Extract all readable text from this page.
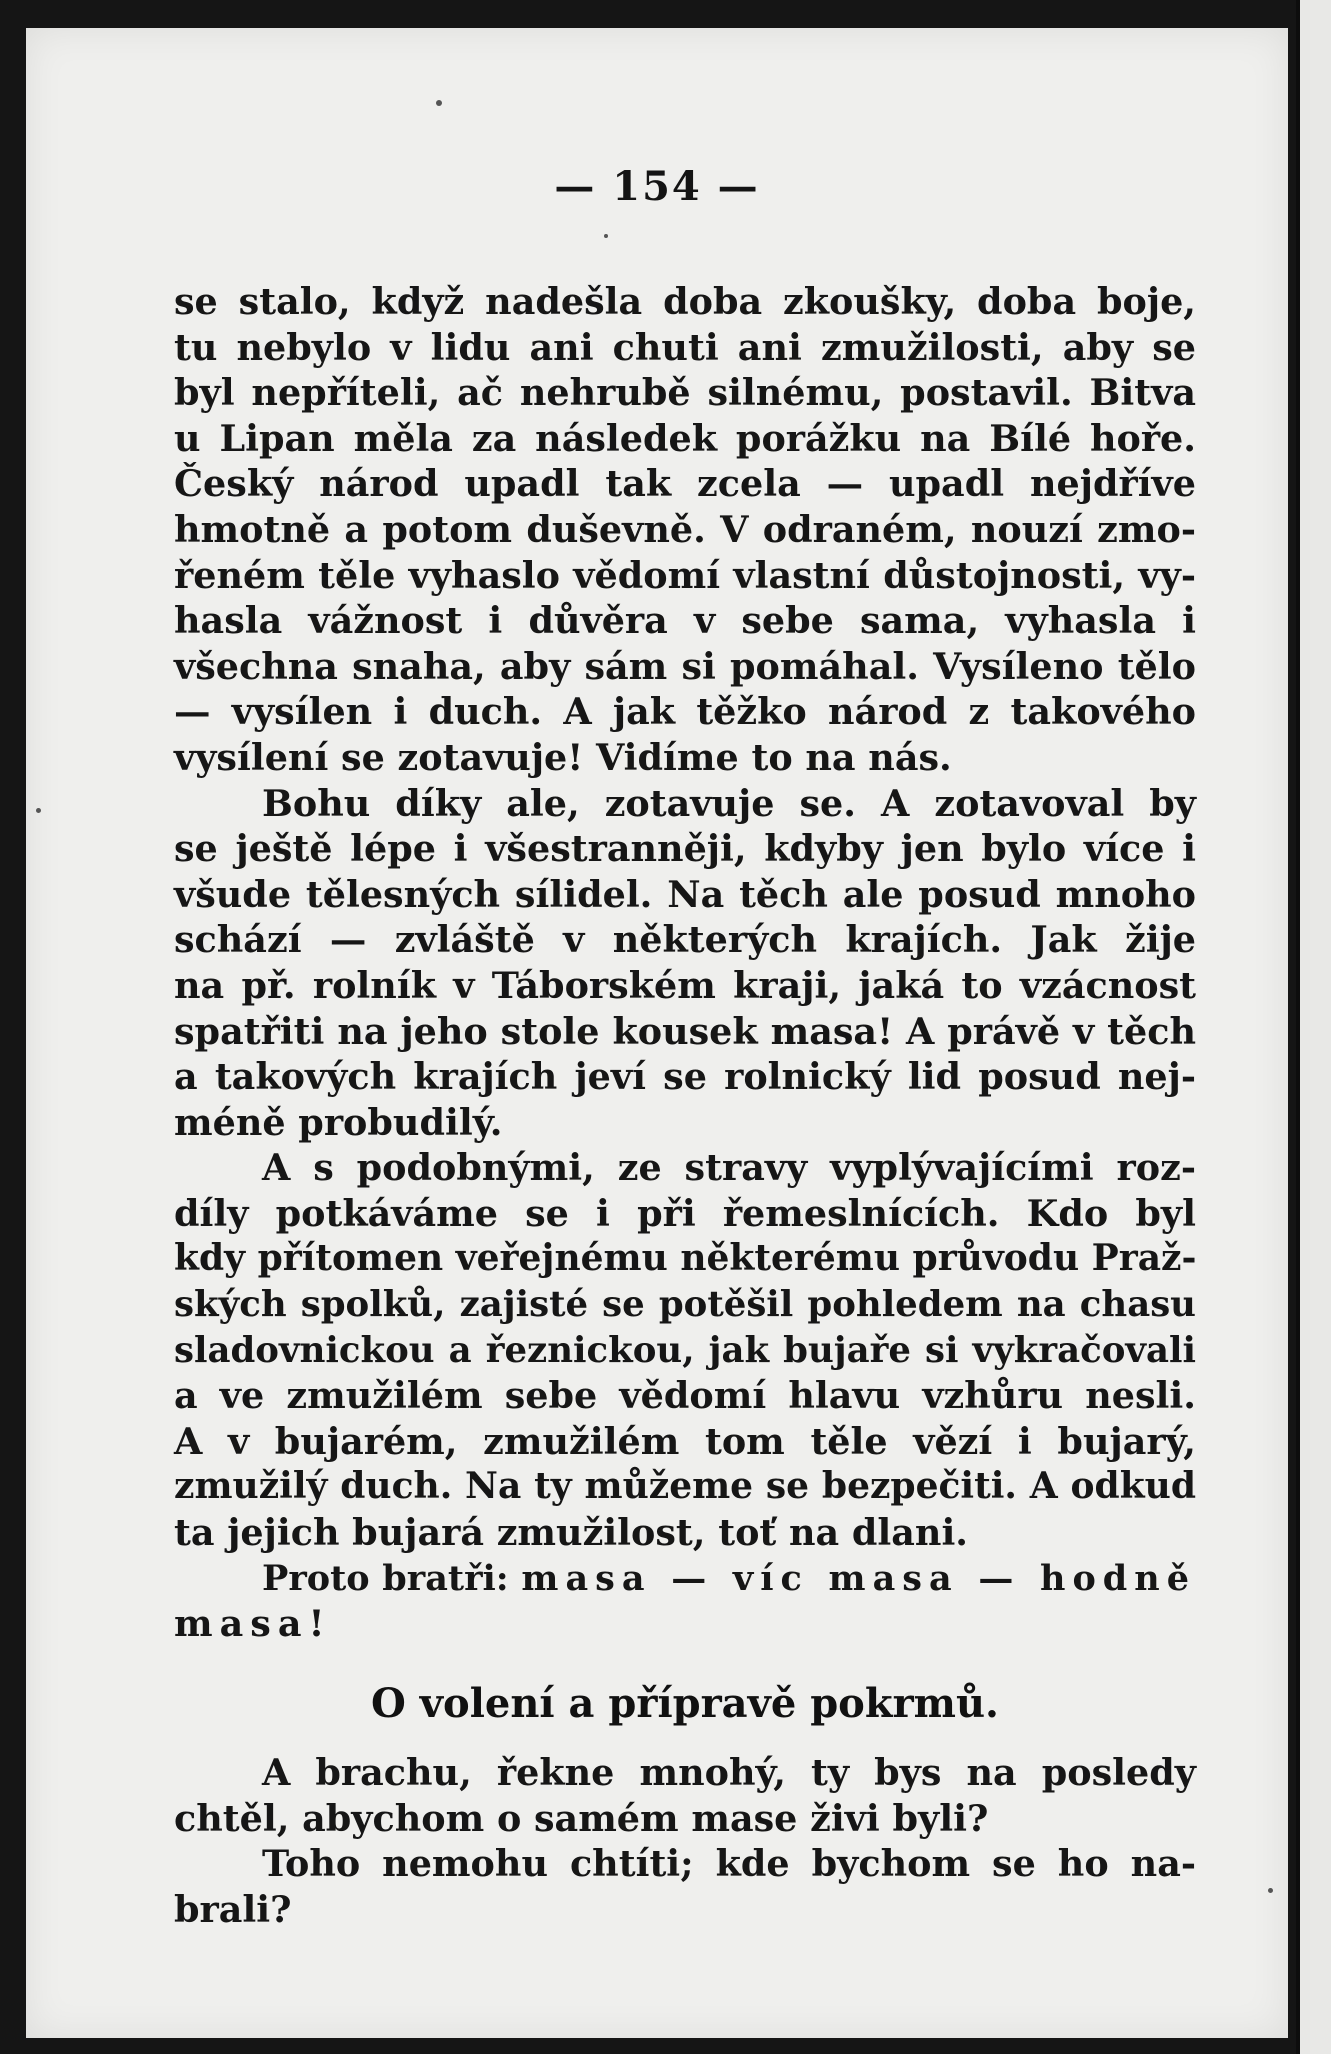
— 154 —
se stalo, když nadešla doba zkoušky, doba boje,
tu nebylo v lidu ani chuti ani zmužilosti, aby se
byl nepříteli, ač nehrubě silnému, postavil. Bitva
u Lipan měla za následek porážku na Bílé hoře.
Český národ upadl tak zcela — upadl nejdříve
hmotně a potom duševně. V odraném, nouzí zmo-
řeném těle vyhaslo vědomí vlastní důstojnosti, vy-
hasla vážnost i důvěra v sebe sama, vyhasla i
všechna snaha, aby sám si pomáhal. Vysíleno tělo
— vysílen i duch. A jak těžko národ z takového
vysílení se zotavuje! Vidíme to na nás.
Bohu díky ale, zotavuje se. A zotavoval by
se ještě lépe i všestranněji, kdyby jen bylo více i
všude tělesných sílidel. Na těch ale posud mnoho
schází — zvláště v některých krajích. Jak žije
na př. rolník v Táborském kraji, jaká to vzácnost
spatřiti na jeho stole kousek masa! A právě v těch
a takových krajích jeví se rolnický lid posud nej-
méně probudilý.
A s podobnými, ze stravy vyplývajícími roz-
díly potkáváme se i při řemeslnících. Kdo byl
kdy přítomen veřejnému některému průvodu Praž-
ských spolků, zajisté se potěšil pohledem na chasu
sladovnickou a řeznickou, jak bujaře si vykračovali
a ve zmužilém sebe vědomí hlavu vzhůru nesli.
A v bujarém, zmužilém tom těle vězí i bujarý,
zmužilý duch. Na ty můžeme se bezpečiti. A odkud
ta jejich bujará zmužilost, toť na dlani.
Proto bratři: masa — víc masa — hodně
masa!
O volení a přípravě pokrmů.
A brachu, řekne mnohý, ty bys na posledy
chtěl, abychom o samém mase živi byli?
Toho nemohu chtíti; kde bychom se ho na-
brali?
